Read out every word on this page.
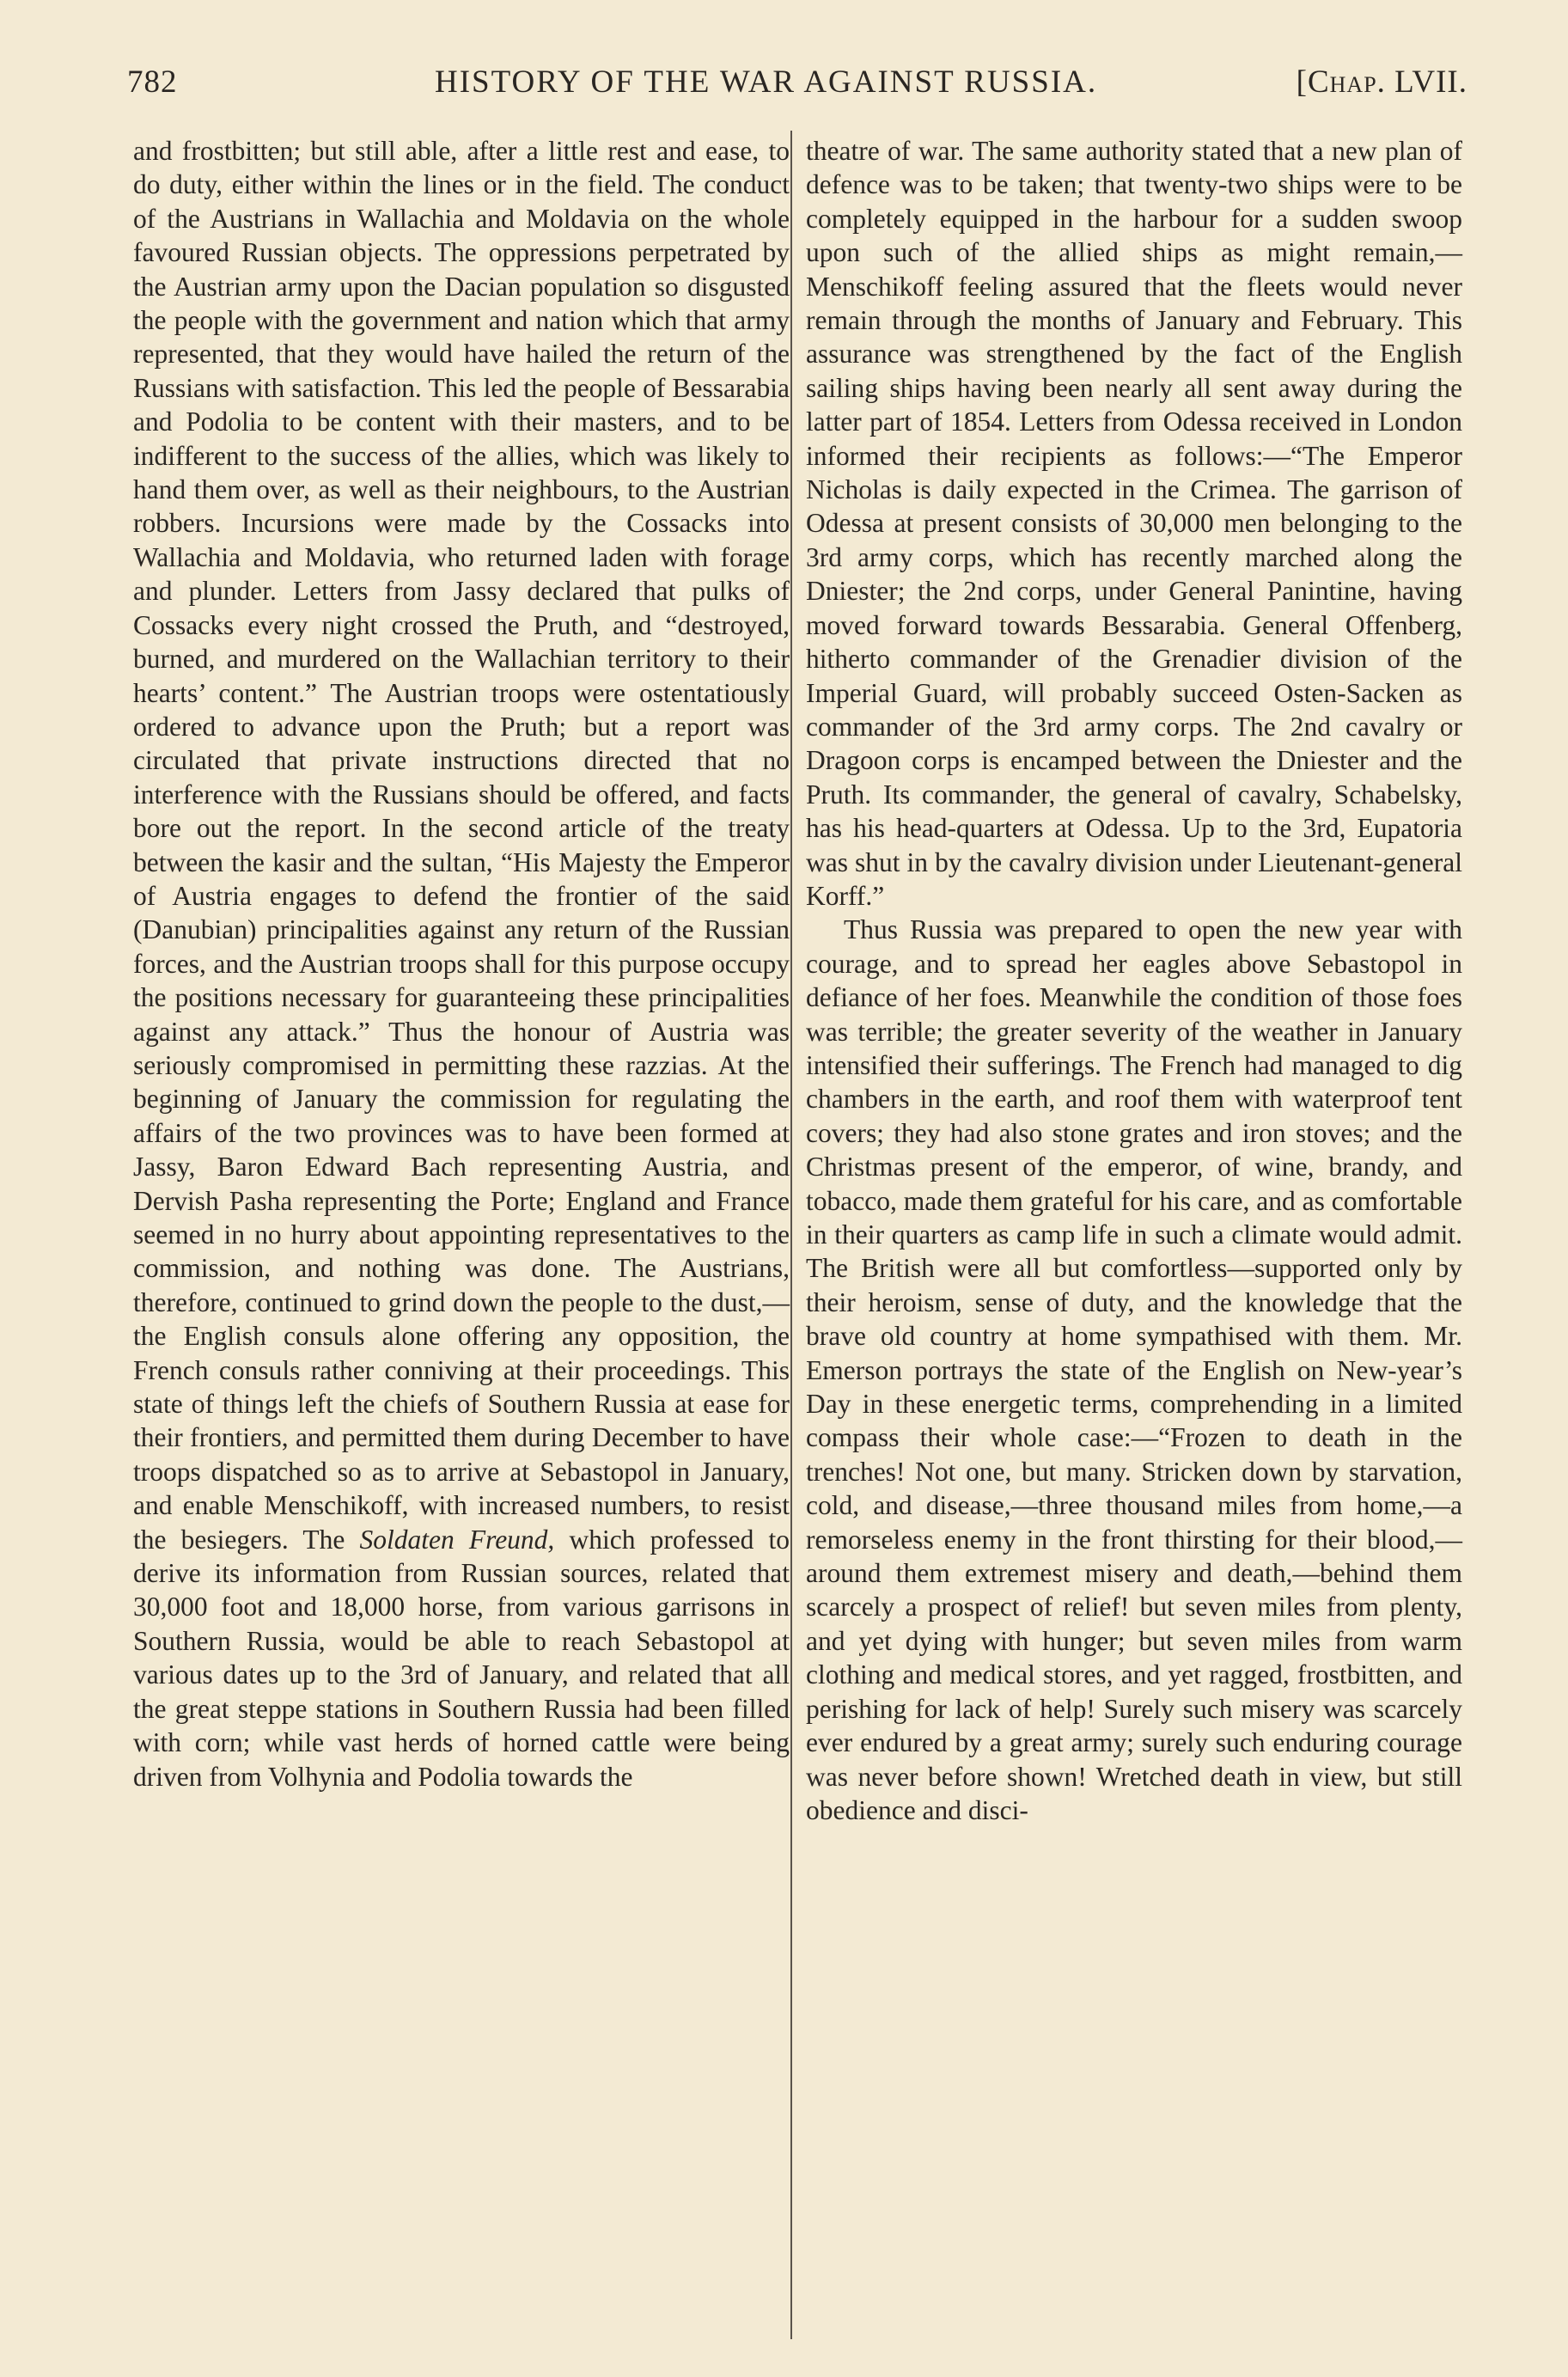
782	HISTORY OF THE WAR AGAINST RUSSIA.	[Chap. LVII.

and frostbitten; but still able, after a little rest and ease, to do duty, either within the lines or in the field. The conduct of the Austrians in Wallachia and Moldavia on the whole favoured Russian objects. The oppressions perpetrated by the Austrian army upon the Dacian population so disgusted the people with the government and nation which that army represented, that they would have hailed the return of the Russians with satisfaction. This led the people of Bessarabia and Podolia to be content with their masters, and to be indifferent to the success of the allies, which was likely to hand them over, as well as their neighbours, to the Austrian robbers. Incursions were made by the Cossacks into Wallachia and Moldavia, who returned laden with forage and plunder. Letters from Jassy declared that pulks of Cossacks every night crossed the Pruth, and “destroyed, burned, and murdered on the Wallachian territory to their hearts’ content.” The Austrian troops were ostentatiously ordered to advance upon the Pruth; but a report was circulated that private instructions directed that no interference with the Russians should be offered, and facts bore out the report. In the second article of the treaty between the kasir and the sultan, “His Majesty the Emperor of Austria engages to defend the frontier of the said (Danubian) principalities against any return of the Russian forces, and the Austrian troops shall for this purpose occupy the positions necessary for guaranteeing these principalities against any attack.” Thus the honour of Austria was seriously compromised in permitting these razzias. At the beginning of January the commission for regulating the affairs of the two provinces was to have been formed at Jassy, Baron Edward Bach representing Austria, and Dervish Pasha representing the Porte; England and France seemed in no hurry about appointing representatives to the commission, and nothing was done. The Austrians, therefore, continued to grind down the people to the dust,—the English consuls alone offering any opposition, the French consuls rather conniving at their proceedings. This state of things left the chiefs of Southern Russia at ease for their frontiers, and permitted them during December to have troops dispatched so as to arrive at Sebastopol in January, and enable Menschikoff, with increased numbers, to resist the besiegers. The Soldaten Freund, which professed to derive its information from Russian sources, related that 30,000 foot and 18,000 horse, from various garrisons in Southern Russia, would be able to reach Sebastopol at various dates up to the 3rd of January, and related that all the great steppe stations in Southern Russia had been filled with corn; while vast herds of horned cattle were being driven from Volhynia and Podolia towards the

theatre of war. The same authority stated that a new plan of defence was to be taken; that twenty-two ships were to be completely equipped in the harbour for a sudden swoop upon such of the allied ships as might remain,—Menschikoff feeling assured that the fleets would never remain through the months of January and February. This assurance was strengthened by the fact of the English sailing ships having been nearly all sent away during the latter part of 1854. Letters from Odessa received in London informed their recipients as follows:—“The Emperor Nicholas is daily expected in the Crimea. The garrison of Odessa at present consists of 30,000 men belonging to the 3rd army corps, which has recently marched along the Dniester; the 2nd corps, under General Panintine, having moved forward towards Bessarabia. General Offenberg, hitherto commander of the Grenadier division of the Imperial Guard, will probably succeed Osten-Sacken as commander of the 3rd army corps. The 2nd cavalry or Dragoon corps is encamped between the Dniester and the Pruth. Its commander, the general of cavalry, Schabelsky, has his head-quarters at Odessa. Up to the 3rd, Eupatoria was shut in by the cavalry division under Lieutenant-general Korff.”

Thus Russia was prepared to open the new year with courage, and to spread her eagles above Sebastopol in defiance of her foes. Meanwhile the condition of those foes was terrible; the greater severity of the weather in January intensified their sufferings. The French had managed to dig chambers in the earth, and roof them with waterproof tent covers; they had also stone grates and iron stoves; and the Christmas present of the emperor, of wine, brandy, and tobacco, made them grateful for his care, and as comfortable in their quarters as camp life in such a climate would admit. The British were all but comfortless—supported only by their heroism, sense of duty, and the knowledge that the brave old country at home sympathised with them. Mr. Emerson portrays the state of the English on New-year’s Day in these energetic terms, comprehending in a limited compass their whole case:—“Frozen to death in the trenches! Not one, but many. Stricken down by starvation, cold, and disease,—three thousand miles from home,—a remorseless enemy in the front thirsting for their blood,—around them extremest misery and death,—behind them scarcely a prospect of relief! but seven miles from plenty, and yet dying with hunger; but seven miles from warm clothing and medical stores, and yet ragged, frostbitten, and perishing for lack of help! Surely such misery was scarcely ever endured by a great army; surely such enduring courage was never before shown! Wretched death in view, but still obedience and disci-
